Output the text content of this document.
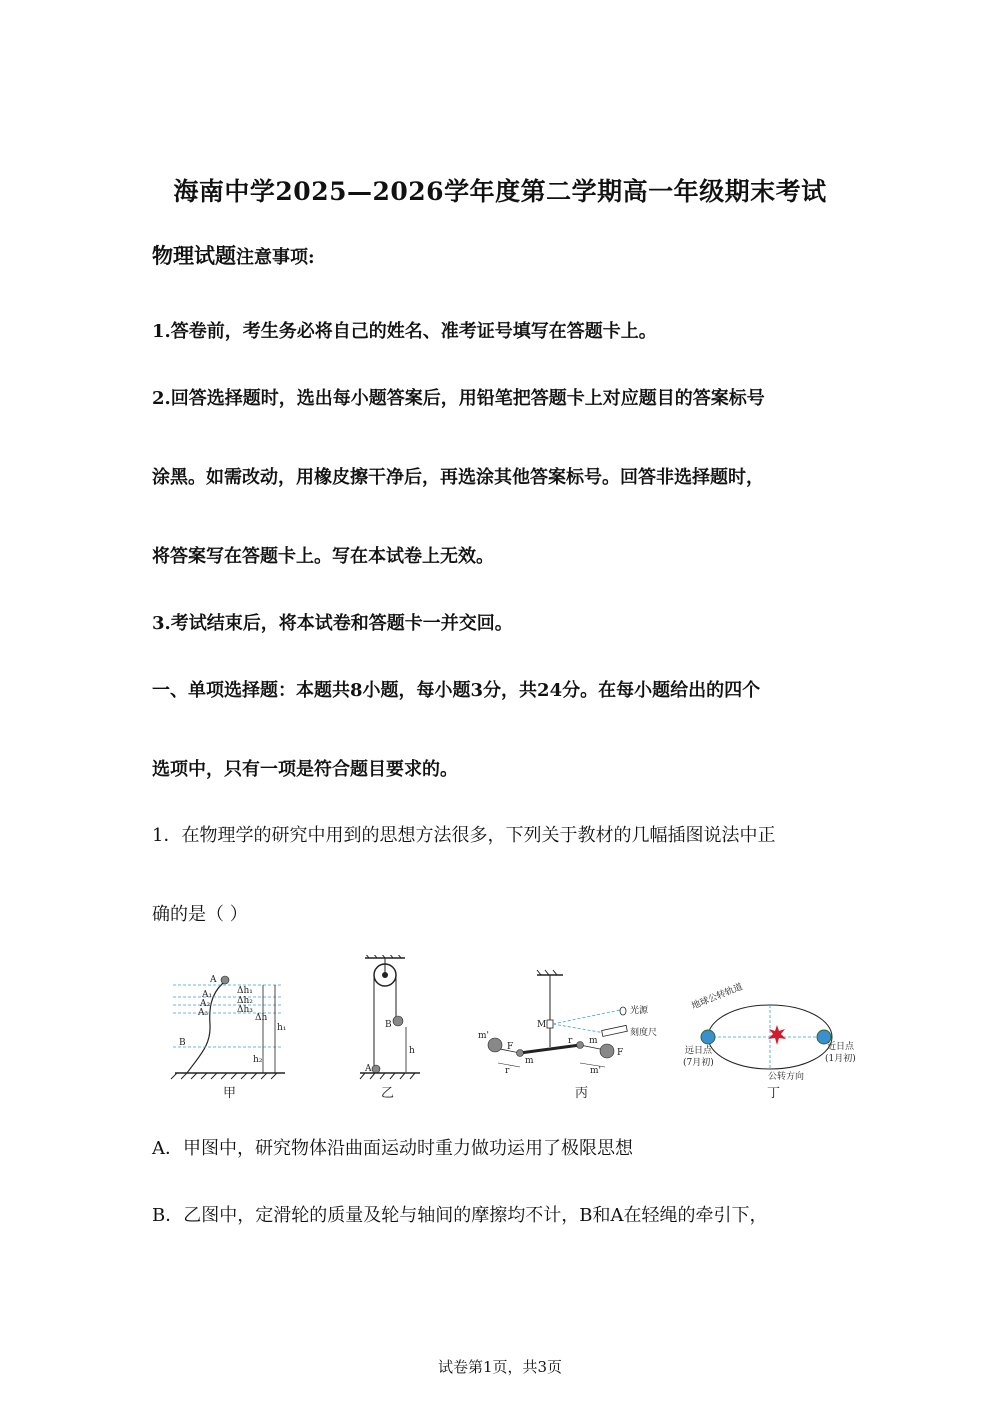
海南中学2025—2026学年度第二学期高一年级期末考试
物理试题注意事项:
1.答卷前，考生务必将自己的姓名、准考证号填写在答题卡上。
2.回答选择题时，选出每小题答案后，用铅笔把答题卡上对应题目的答案标号
涂黑。如需改动，用橡皮擦干净后，再选涂其他答案标号。回答非选择题时，
将答案写在答题卡上。写在本试卷上无效。
3.考试结束后，将本试卷和答题卡一并交回。
一、单项选择题：本题共8小题，每小题3分，共24分。在每小题给出的四个
选项中，只有一项是符合题目要求的。
1．在物理学的研究中用到的思想方法很多，下列关于教材的几幅插图说法中正
确的是（ ）
A
A₁
A₂
A₃
B
Δh₁
Δh₂
Δh₃
Δh
h₁
h₂
甲
B
A
h
乙
M
光源
刻度尺
m'
m
F
r
r m
F
m'
丙
地球公转轨道
远日点
(7月初)
近日点
(1月初)
公转方向
丁
A．甲图中，研究物体沿曲面运动时重力做功运用了极限思想
B．乙图中，定滑轮的质量及轮与轴间的摩擦均不计，B和A在轻绳的牵引下，
试卷第1页，共3页
